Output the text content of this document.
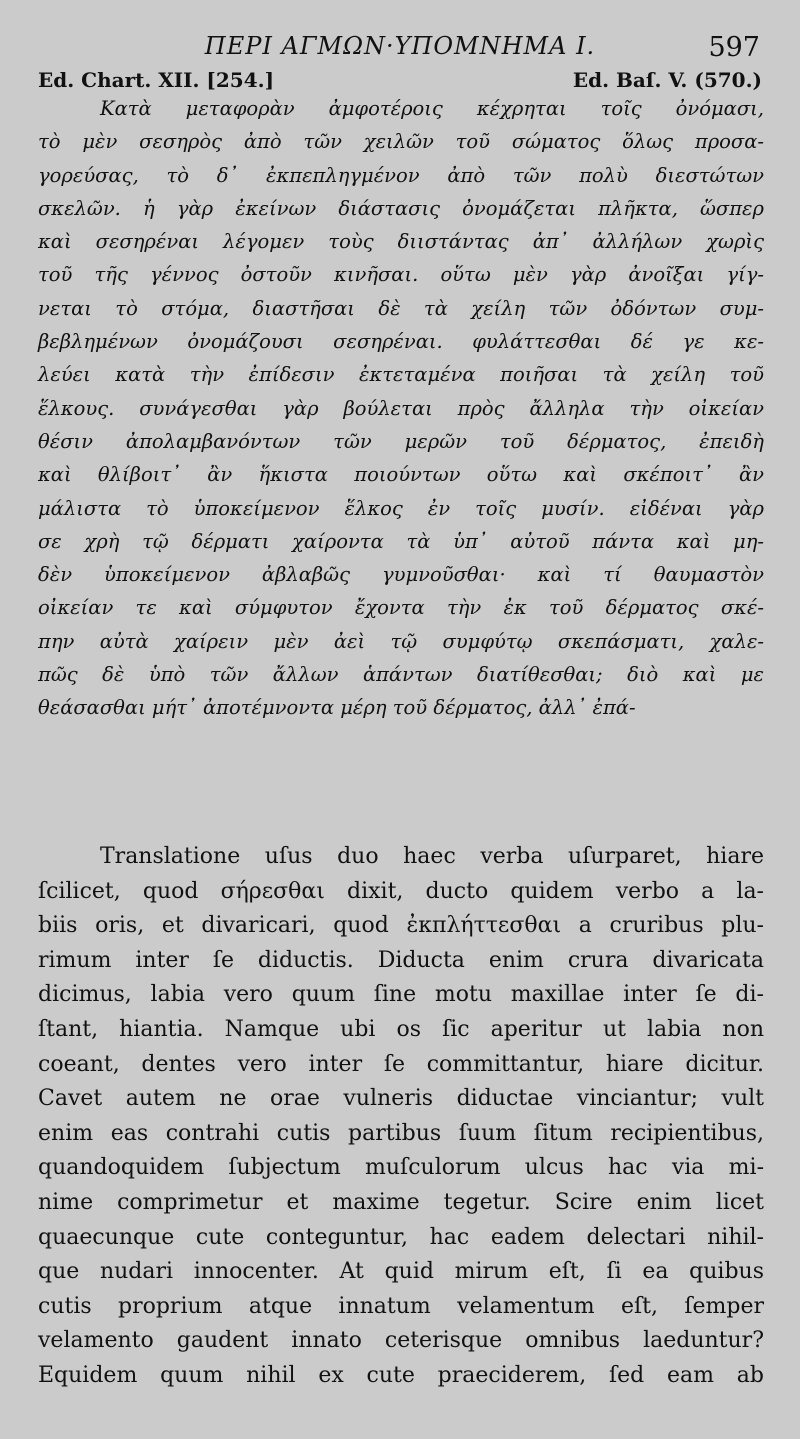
ΠΕΡΙ ΑΓΜΩΝ·ΥΠΟΜΝΗΜΑ Ι.	597
Ed. Chart. XII. [254.]	Ed. Baſ. V. (570.)
Κατὰ μεταφορὰν ἀμφοτέροις κέχρηται τοῖς ὀνόμασι,
τὸ μὲν σεσηρὸς ἀπὸ τῶν χειλῶν τοῦ σώματος ὅλως προσα-
γορεύσας, τὸ δ᾽ ἐκπεπληγμένον ἀπὸ τῶν πολὺ διεστώτων
σκελῶν. ἡ γὰρ ἐκείνων διάστασις ὀνομάζεται πλῆκτα, ὥσπερ
καὶ σεσηρέναι λέγομεν τοὺς διιστάντας ἀπ᾽ ἀλλήλων χωρὶς
τοῦ τῆς γέννος ὀστοῦν κινῆσαι. οὕτω μὲν γὰρ ἀνοῖξαι γίγ-
νεται τὸ στόμα, διαστῆσαι δὲ τὰ χείλη τῶν ὀδόντων συμ-
βεβλημένων ὀνομάζουσι σεσηρέναι. φυλάττεσθαι δέ γε κε-
λεύει κατὰ τὴν ἐπίδεσιν ἐκτεταμένα ποιῆσαι τὰ χείλη τοῦ
ἕλκους. συνάγεσθαι γὰρ βούλεται πρὸς ἄλληλα τὴν οἰκείαν
θέσιν ἀπολαμβανόντων τῶν μερῶν τοῦ δέρματος, ἐπειδὴ
καὶ θλίβοιτ᾽ ἂν ἥκιστα ποιούντων οὕτω καὶ σκέποιτ᾽ ἂν
μάλιστα τὸ ὑποκείμενον ἕλκος ἐν τοῖς μυσίν. εἰδέναι γὰρ
σε χρὴ τῷ δέρματι χαίροντα τὰ ὑπ᾽ αὐτοῦ πάντα καὶ μη-
δὲν ὑποκείμενον ἀβλαβῶς γυμνοῦσθαι· καὶ τί θαυμαστὸν
οἰκείαν τε καὶ σύμφυτον ἔχοντα τὴν ἐκ τοῦ δέρματος σκέ-
πην αὐτὰ χαίρειν μὲν ἀεὶ τῷ συμφύτῳ σκεπάσματι, χαλε-
πῶς δὲ ὑπὸ τῶν ἄλλων ἁπάντων διατίθεσθαι; διὸ καὶ με
θεάσασθαι μήτ᾽ ἀποτέμνοντα μέρη τοῦ δέρματος, ἀλλ᾽ ἐπά-
Translatione uſus duo haec verba uſurparet, hiare
ſcilicet, quod σήρεσθαι dixit, ducto quidem verbo a la-
biis oris, et divaricari, quod ἐκπλήττεσθαι a cruribus plu-
rimum inter ſe diductis. Diducta enim crura divaricata
dicimus, labia vero quum ſine motu maxillae inter ſe di-
ſtant, hiantia. Namque ubi os ſic aperitur ut labia non
coeant, dentes vero inter ſe committantur, hiare dicitur.
Cavet autem ne orae vulneris diductae vinciantur; vult
enim eas contrahi cutis partibus ſuum ſitum recipientibus,
quandoquidem ſubjectum muſculorum ulcus hac via mi-
nime comprimetur et maxime tegetur. Scire enim licet
quaecunque cute conteguntur, hac eadem delectari nihil-
que nudari innocenter. At quid mirum eſt, ſi ea quibus
cutis proprium atque innatum velamentum eſt, ſemper
velamento gaudent innato ceterisque omnibus laeduntur?
Equidem quum nihil ex cute praeciderem, ſed eam ab
